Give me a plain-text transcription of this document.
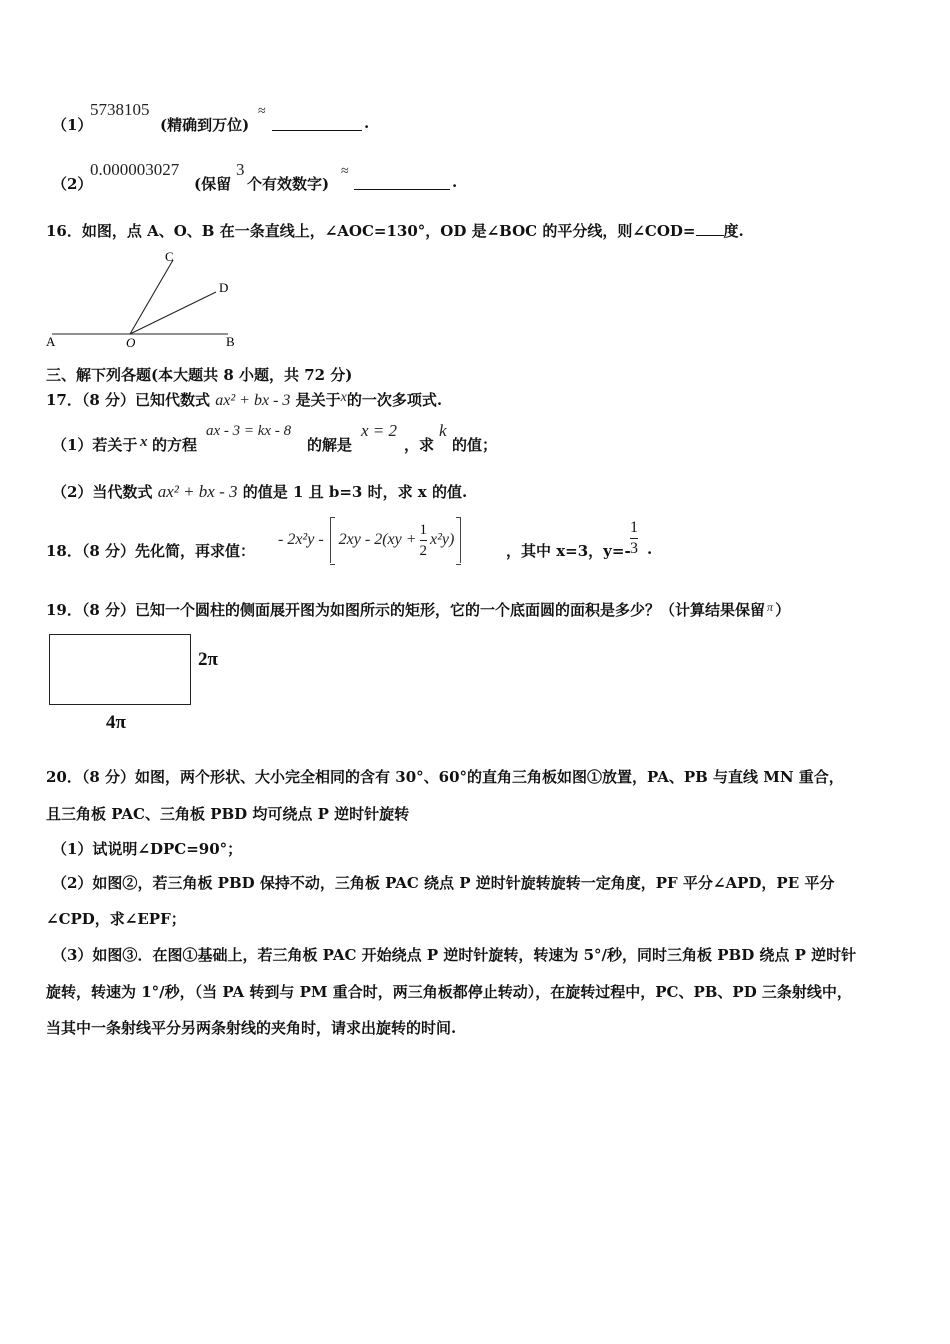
（1）
5738105
(精确到万位)
≈
.
（2）
0.000003027
(保留
3
个有效数字)
≈
.
16．如图，点 A、O、B 在一条直线上，∠AOC=130°，OD 是∠BOC 的平分线，则∠COD= 度.
A	O	B
C
D
三、解下列各题(本大题共 8 小题，共 72 分)
17．（8 分）已知代数式 ax² + bx - 3 是关于x的一次多项式.
（1）若关于 x 的方程
ax - 3 = kx - 8
的解是
x = 2
，求
k
的值；
（2）当代数式 ax² + bx - 3 的值是 1 且 b=3 时，求 x 的值.
18．（8 分）先化简，再求值：
- $2x^2y - 2xy - 2(xy + \frac{1}{2} x^2y)$
，其中 x=3，$y=- \frac{1}{3}$ .
19．（8 分）已知一个圆柱的侧面展开图为如图所示的矩形，它的一个底面圆的面积是多少？（计算结果保留 $^\pi$ ）
2π
4π
20．（8 分）如图，两个形状、大小完全相同的含有 30°、60°的直角三角板如图①放置，PA、PB 与直线 MN 重合，
且三角板 PAC、三角板 PBD 均可绕点 P 逆时针旋转
（1）试说明∠DPC=90°；
（2）如图②，若三角板 PBD 保持不动，三角板 PAC 绕点 P 逆时针旋转旋转一定角度，PF 平分∠APD，PE 平分
∠CPD，求∠EPF；
（3）如图③．在图①基础上，若三角板 PAC 开始绕点 P 逆时针旋转，转速为 5°/秒，同时三角板 PBD 绕点 P 逆时针
旋转，转速为 1°/秒，（当 PA 转到与 PM 重合时，两三角板都停止转动），在旋转过程中，PC、PB、PD 三条射线中，
当其中一条射线平分另两条射线的夹角时，请求出旋转的时间.
